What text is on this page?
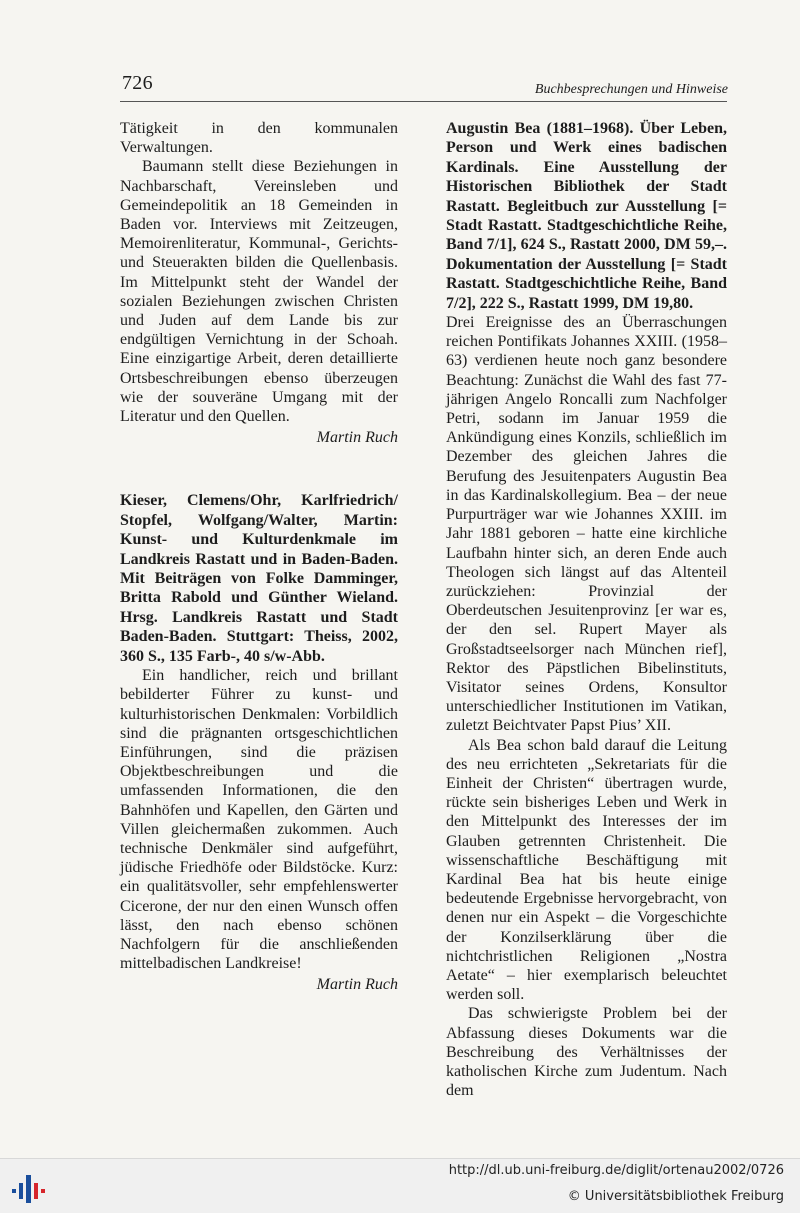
726	Buchbesprechungen und Hinweise

Tätigkeit in den kommunalen Verwaltungen.

Baumann stellt diese Beziehungen in Nachbarschaft, Vereinsleben und Gemeindepolitik an 18 Gemeinden in Baden vor. Interviews mit Zeitzeugen, Memoirenliteratur, Kommunal-, Gerichts- und Steuerakten bilden die Quellenbasis. Im Mittelpunkt steht der Wandel der sozialen Beziehungen zwischen Christen und Juden auf dem Lande bis zur endgültigen Vernichtung in der Schoah. Eine einzigartige Arbeit, deren detaillierte Ortsbeschreibungen ebenso überzeugen wie der souveräne Umgang mit der Literatur und den Quellen.

Martin Ruch

Kieser, Clemens/Ohr, Karlfriedrich/ Stopfel, Wolfgang/Walter, Martin: Kunst- und Kulturdenkmale im Landkreis Rastatt und in Baden-Baden. Mit Beiträgen von Folke Damminger, Britta Rabold und Günther Wieland. Hrsg. Landkreis Rastatt und Stadt Baden-Baden. Stuttgart: Theiss, 2002, 360 S., 135 Farb-, 40 s/w-Abb.

Ein handlicher, reich und brillant bebilderter Führer zu kunst- und kulturhistorischen Denkmalen: Vorbildlich sind die prägnanten ortsgeschichtlichen Einführungen, sind die präzisen Objektbeschreibungen und die umfassenden Informationen, die den Bahnhöfen und Kapellen, den Gärten und Villen gleichermaßen zukommen. Auch technische Denkmäler sind aufgeführt, jüdische Friedhöfe oder Bildstöcke. Kurz: ein qualitätsvoller, sehr empfehlenswerter Cicerone, der nur den einen Wunsch offen lässt, den nach ebenso schönen Nachfolgern für die anschließenden mittelbadischen Landkreise!

Martin Ruch

Augustin Bea (1881–1968). Über Leben, Person und Werk eines badischen Kardinals. Eine Ausstellung der Historischen Bibliothek der Stadt Rastatt. Begleitbuch zur Ausstellung [= Stadt Rastatt. Stadtgeschichtliche Reihe, Band 7/1], 624 S., Rastatt 2000, DM 59,–. Dokumentation der Ausstellung [= Stadt Rastatt. Stadtgeschichtliche Reihe, Band 7/2], 222 S., Rastatt 1999, DM 19,80.

Drei Ereignisse des an Überraschungen reichen Pontifikats Johannes XXIII. (1958–63) verdienen heute noch ganz besondere Beachtung: Zunächst die Wahl des fast 77-jährigen Angelo Roncalli zum Nachfolger Petri, sodann im Januar 1959 die Ankündigung eines Konzils, schließlich im Dezember des gleichen Jahres die Berufung des Jesuitenpaters Augustin Bea in das Kardinalskollegium. Bea – der neue Purpurträger war wie Johannes XXIII. im Jahr 1881 geboren – hatte eine kirchliche Laufbahn hinter sich, an deren Ende auch Theologen sich längst auf das Altenteil zurückziehen: Provinzial der Oberdeutschen Jesuitenprovinz [er war es, der den sel. Rupert Mayer als Großstadtseelsorger nach München rief], Rektor des Päpstlichen Bibelinstituts, Visitator seines Ordens, Konsultor unterschiedlicher Institutionen im Vatikan, zuletzt Beichtvater Papst Pius’ XII.

Als Bea schon bald darauf die Leitung des neu errichteten „Sekretariats für die Einheit der Christen“ übertragen wurde, rückte sein bisheriges Leben und Werk in den Mittelpunkt des Interesses der im Glauben getrennten Christenheit. Die wissenschaftliche Beschäftigung mit Kardinal Bea hat bis heute einige bedeutende Ergebnisse hervorgebracht, von denen nur ein Aspekt – die Vorgeschichte der Konzilserklärung über die nichtchristlichen Religionen „Nostra Aetate“ – hier exemplarisch beleuchtet werden soll.

Das schwierigste Problem bei der Abfassung dieses Dokuments war die Beschreibung des Verhältnisses der katholischen Kirche zum Judentum. Nach dem

http://dl.ub.uni-freiburg.de/diglit/ortenau2002/0726
© Universitätsbibliothek Freiburg
